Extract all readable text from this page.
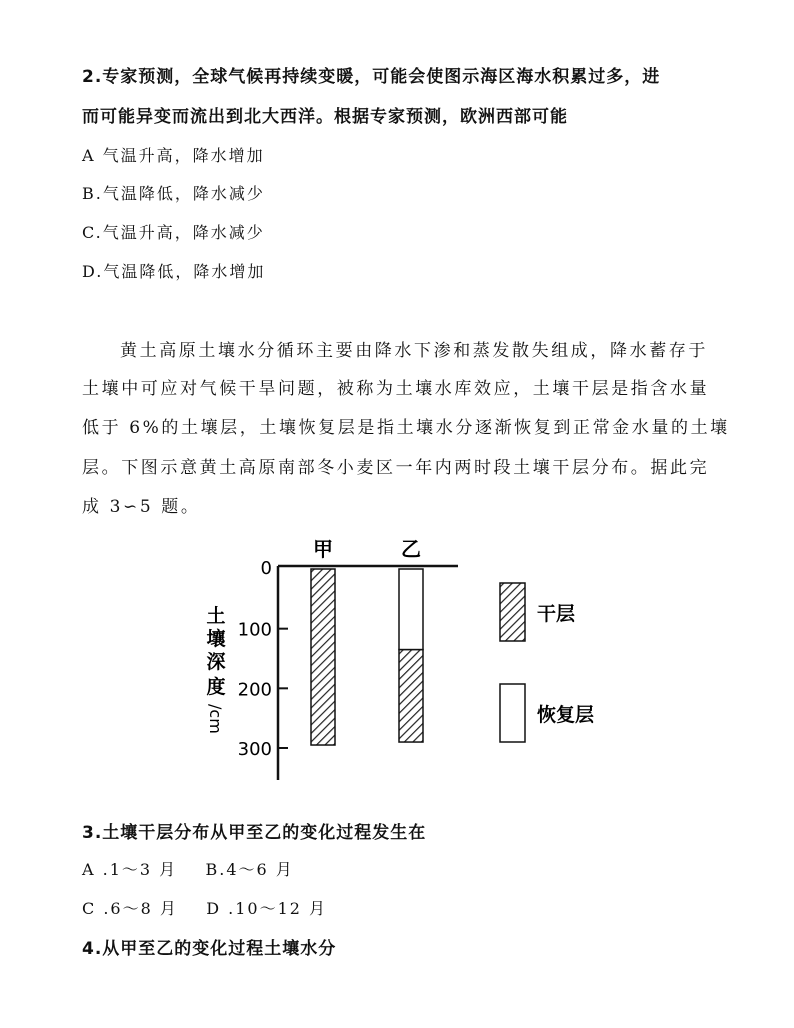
2.专家预测，全球气候再持续变暖，可能会使图示海区海水积累过多，进
而可能异变而流出到北大西洋。根据专家预测，欧洲西部可能
A 气温升高，降水增加
B.气温降低，降水减少
C.气温升高，降水减少
D.气温降低，降水增加
黄土高原土壤水分循环主要由降水下渗和蒸发散失组成，降水蓄存于
土壤中可应对气候干旱问题，被称为土壤水库效应，土壤干层是指含水量
低于 6%的土壤层，土壤恢复层是指土壤水分逐渐恢复到正常金水量的土壤
层。下图示意黄土高原南部冬小麦区一年内两时段土壤干层分布。据此完
成 3∽5 题。
0
100
200
300
甲	乙
土
壤
深
度
/cm
干层
恢复层
3.土壤干层分布从甲至乙的变化过程发生在
A .1～3 月    B.4～6 月
C .6～8 月    D .10～12 月
4.从甲至乙的变化过程土壤水分
